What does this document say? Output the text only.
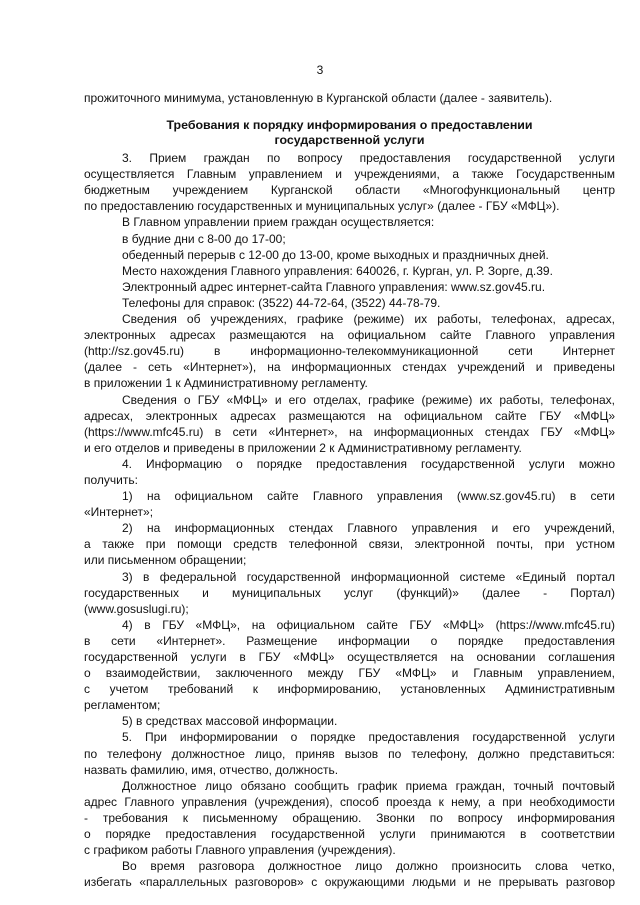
3

прожиточного минимума, установленную в Курганской области (далее - заявитель).

Требования к порядку информирования о предоставлении
государственной услуги

3. Прием граждан по вопросу предоставления государственной услуги
осуществляется Главным управлением и учреждениями, а также Государственным
бюджетным учреждением Курганской области «Многофункциональный центр
по предоставлению государственных и муниципальных услуг» (далее - ГБУ «МФЦ»).

В Главном управлении прием граждан осуществляется:

в будние дни с 8-00 до 17-00;

обеденный перерыв с 12-00 до 13-00, кроме выходных и праздничных дней.

Место нахождения Главного управления: 640026, г. Курган, ул. Р. Зорге, д.39.

Электронный адрес интернет-сайта Главного управления: www.sz.gov45.ru.

Телефоны для справок: (3522) 44-72-64, (3522) 44-78-79.

Сведения об учреждениях, графике (режиме) их работы, телефонах, адресах,
электронных адресах размещаются на официальном сайте Главного управления
(http://sz.gov45.ru) в информационно-телекоммуникационной сети Интернет
(далее - сеть «Интернет»), на информационных стендах учреждений и приведены
в приложении 1 к Административному регламенту.

Сведения о ГБУ «МФЦ» и его отделах, графике (режиме) их работы, телефонах,
адресах, электронных адресах размещаются на официальном сайте ГБУ «МФЦ»
(https://www.mfc45.ru) в сети «Интернет», на информационных стендах ГБУ «МФЦ»
и его отделов и приведены в приложении 2 к Административному регламенту.

4. Информацию о порядке предоставления государственной услуги можно
получить:

1) на официальном сайте Главного управления (www.sz.gov45.ru) в сети
«Интернет»;

2) на информационных стендах Главного управления и его учреждений,
а также при помощи средств телефонной связи, электронной почты, при устном
или письменном обращении;

3) в федеральной государственной информационной системе «Единый портал
государственных и муниципальных услуг (функций)» (далее - Портал)
(www.gosuslugi.ru);

4) в ГБУ «МФЦ», на официальном сайте ГБУ «МФЦ» (https://www.mfc45.ru)
в сети «Интернет». Размещение информации о порядке предоставления
государственной услуги в ГБУ «МФЦ» осуществляется на основании соглашения
о взаимодействии, заключенного между ГБУ «МФЦ» и Главным управлением,
с учетом требований к информированию, установленных Административным
регламентом;

5) в средствах массовой информации.

5. При информировании о порядке предоставления государственной услуги
по телефону должностное лицо, приняв вызов по телефону, должно представиться:
назвать фамилию, имя, отчество, должность.

Должностное лицо обязано сообщить график приема граждан, точный почтовый
адрес Главного управления (учреждения), способ проезда к нему, а при необходимости
- требования к письменному обращению. Звонки по вопросу информирования
о порядке предоставления государственной услуги принимаются в соответствии
с графиком работы Главного управления (учреждения).

Во время разговора должностное лицо должно произносить слова четко,
избегать «параллельных разговоров» с окружающими людьми и не прерывать разговор
